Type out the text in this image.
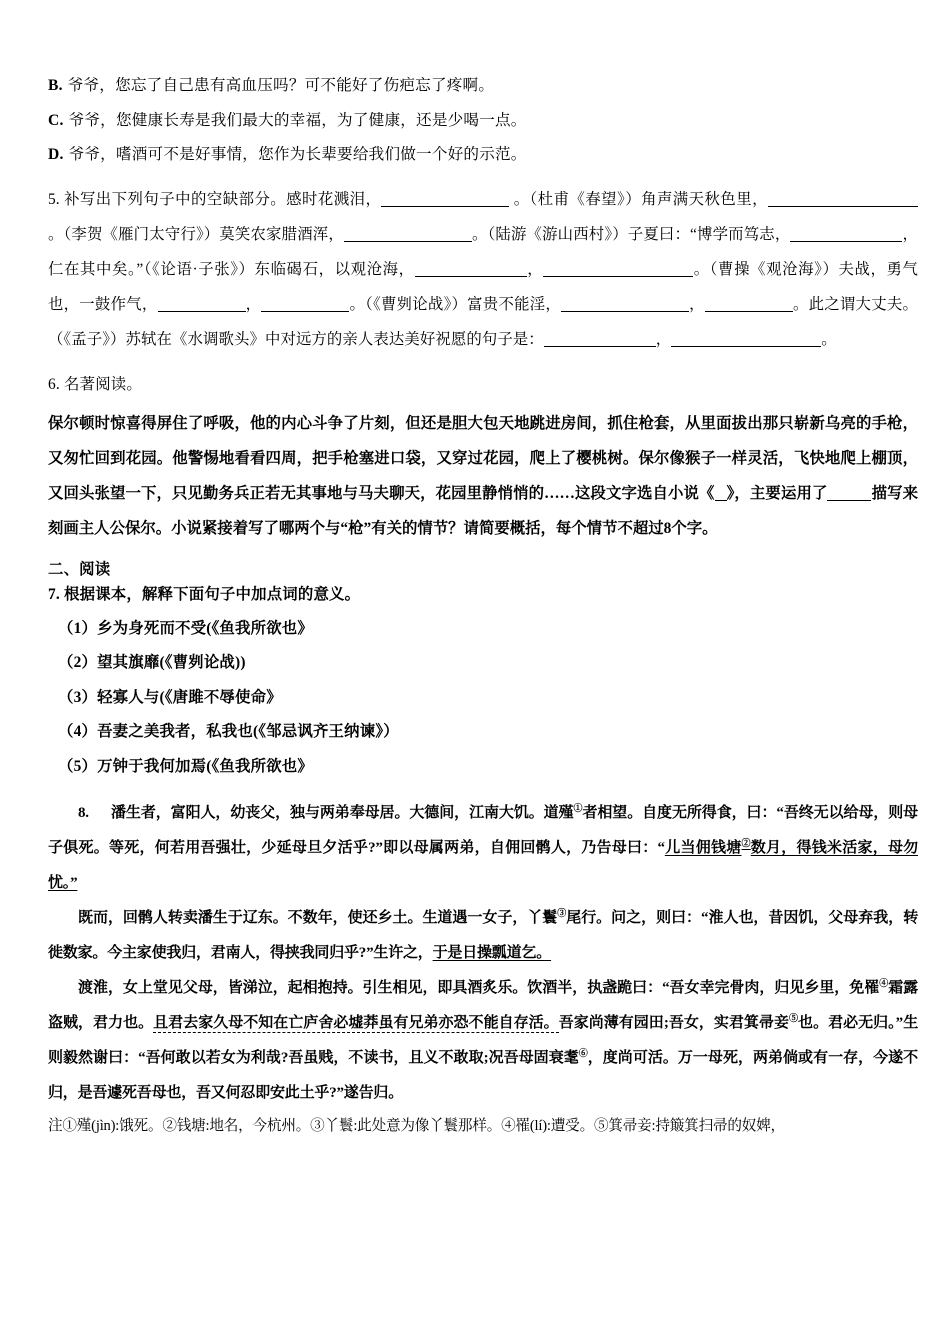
B. 爷爷，您忘了自己患有高血压吗？可不能好了伤疤忘了疼啊。
C. 爷爷，您健康长寿是我们最大的幸福，为了健康，还是少喝一点。
D. 爷爷，嗜酒可不是好事情，您作为长辈要给我们做一个好的示范。
5. 补写出下列句子中的空缺部分。感时花溅泪，	。（杜甫《春望》）角声满天秋色里，。（李贺《雁门太守行》）莫笑农家腊酒浑，	。（陆游《游山西村》）子夏曰：“博学而笃志，	，仁在其中矣。”（《论语·子张》）东临碣石，以观沧海，	，	。（曹操《观沧海》）夫战，勇气也，一鼓作气，	，	。（《曹刿论战》）富贵不能淫，	，	。此之谓大丈夫。（《孟子》）苏轼在《水调歌头》中对远方的亲人表达美好祝愿的句子是：	，	。
6. 名著阅读。
保尔顿时惊喜得屏住了呼吸，他的内心斗争了片刻，但还是胆大包天地跳进房间，抓住枪套，从里面拔出那只崭新乌亮的手枪，又匆忙回到花园。他警惕地看看四周，把手枪塞进口袋，又穿过花园，爬上了樱桃树。保尔像猴子一样灵活，飞快地爬上棚顶，又回头张望一下，只见勤务兵正若无其事地与马夫聊天，花园里静悄悄的……这段文字选自小说《 》，主要运用了	描写来刻画主人公保尔。小说紧接着写了哪两个与“枪”有关的情节？请简要概括，每个情节不超过8个字。
二、阅读
7. 根据课本，解释下面句子中加点词的意义。
（1）乡为身死而不受(《鱼我所欲也》
（2）望其旗靡(《曹刿论战))
（3）轻寡人与(《唐雎不辱使命》
（4）吾妻之美我者，私我也(《邹忌讽齐王纳谏》）
（5）万钟于我何加焉(《鱼我所欲也》

8. 潘生者，富阳人，幼丧父，独与两弟奉母居。大德间，江南大饥。道殣①者相望。自度无所得食，曰：“吾终无以给母，则母子俱死。等死，何若用吾强壮，少延母旦夕活乎?”即以母属两弟，自佣回鹘人，乃告母曰：“儿当佣钱塘②数月，得钱米活家，母勿忧。”

既而，回鹘人转卖潘生于辽东。不数年，使还乡土。生道遇一女子，丫鬟③尾行。问之，则曰：“淮人也，昔因饥，父母弃我，转徙数家。今主家使我归，君南人，得挟我同归乎?”生许之，于是日操瓢道乞。

渡淮，女上堂见父母，皆涕泣，起相抱持。引生相见，即具酒炙乐。饮酒半，执盏跪曰：“吾女幸完骨肉，归见乡里，免罹④霜露盗贼，君力也。且君去家久母不知在亡庐舍必墟莽虽有兄弟亦恐不能自存活。吾家尚薄有园田;吾女，实君箕帚妾⑤也。君必无归。”生则毅然谢曰：“吾何敢以若女为利哉?吾虽贱，不读书，且义不敢取;况吾母固衰耄⑥，度尚可活。万一母死，两弟倘或有一存，今遂不归，是吾遽死吾母也，吾又何忍即安此土乎?”遂告归。

注①殣(jìn):饿死。②钱塘:地名，今杭州。③丫鬟:此处意为像丫鬟那样。④罹(lí):遭受。⑤箕帚妾:持簸箕扫帚的奴婢，
